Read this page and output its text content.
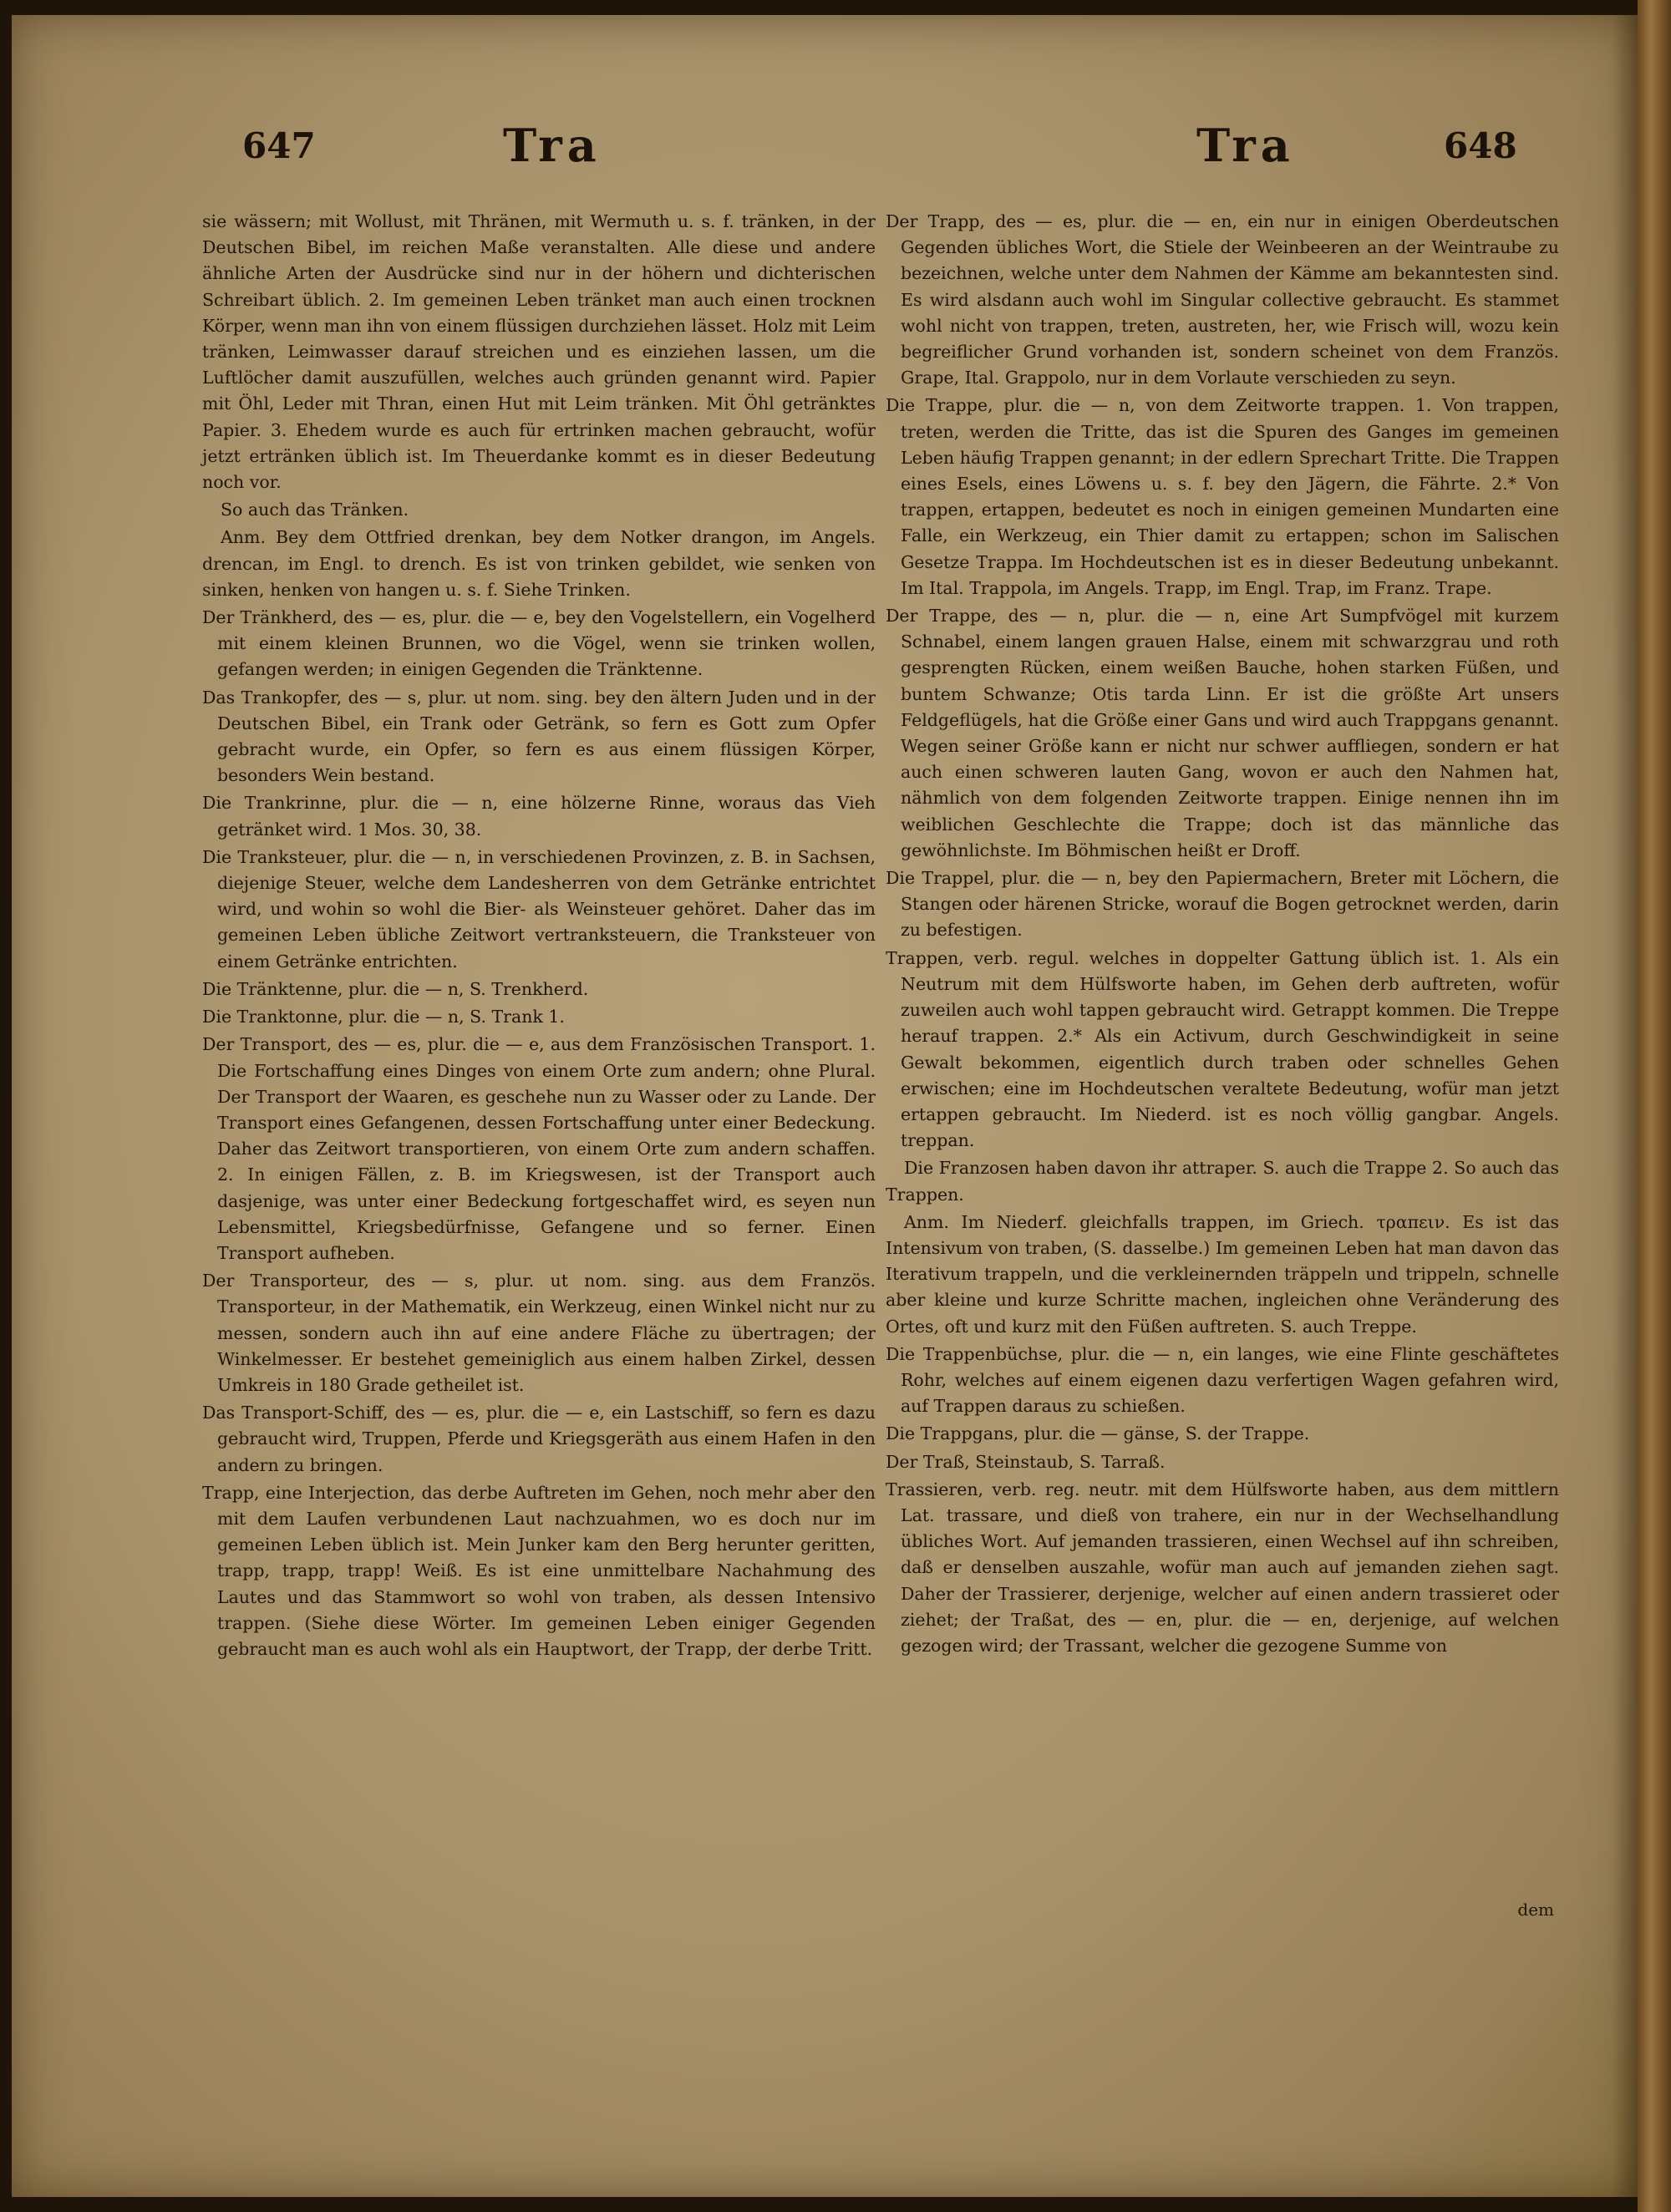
647	Tra	Tra	648

sie wässern; mit Wollust, mit Thränen, mit Wermuth u. s. f. tränken, in der Deutschen Bibel, im reichen Maße veranstalten. Alle diese und andere ähnliche Arten der Ausdrücke sind nur in der höhern und dichterischen Schreibart üblich. 2. Im gemeinen Leben tränket man auch einen trocknen Körper, wenn man ihn von einem flüssigen durchziehen lässet. Holz mit Leim tränken, Leimwasser darauf streichen und es einziehen lassen, um die Luftlöcher damit auszufüllen, welches auch gründen genannt wird. Papier mit Öhl, Leder mit Thran, einen Hut mit Leim tränken. Mit Öhl getränktes Papier. 3. Ehedem wurde es auch für ertrinken machen gebraucht, wofür jetzt ertränken üblich ist. Im Theuerdanke kommt es in dieser Bedeutung noch vor.

So auch das Tränken.

Anm. Bey dem Ottfried drenkan, bey dem Notker drangon, im Angels. drencan, im Engl. to drench. Es ist von trinken gebildet, wie senken von sinken, henken von hangen u. s. f. Siehe Trinken.

Der Tränkherd, des — es, plur. die — e, bey den Vogelstellern, ein Vogelherd mit einem kleinen Brunnen, wo die Vögel, wenn sie trinken wollen, gefangen werden; in einigen Gegenden die Tränktenne.

Das Trankopfer, des — s, plur. ut nom. sing. bey den ältern Juden und in der Deutschen Bibel, ein Trank oder Getränk, so fern es Gott zum Opfer gebracht wurde, ein Opfer, so fern es aus einem flüssigen Körper, besonders Wein bestand.

Die Trankrinne, plur. die — n, eine hölzerne Rinne, woraus das Vieh getränket wird. 1 Mos. 30, 38.

Die Tranksteuer, plur. die — n, in verschiedenen Provinzen, z. B. in Sachsen, diejenige Steuer, welche dem Landesherren von dem Getränke entrichtet wird, und wohin so wohl die Bier- als Weinsteuer gehöret. Daher das im gemeinen Leben übliche Zeitwort vertranksteuern, die Tranksteuer von einem Getränke entrichten.

Die Tränktenne, plur. die — n, S. Trenkherd.

Die Tranktonne, plur. die — n, S. Trank 1.

Der Transport, des — es, plur. die — e, aus dem Französischen Transport. 1. Die Fortschaffung eines Dinges von einem Orte zum andern; ohne Plural. Der Transport der Waaren, es geschehe nun zu Wasser oder zu Lande. Der Transport eines Gefangenen, dessen Fortschaffung unter einer Bedeckung. Daher das Zeitwort transportieren, von einem Orte zum andern schaffen. 2. In einigen Fällen, z. B. im Kriegswesen, ist der Transport auch dasjenige, was unter einer Bedeckung fortgeschaffet wird, es seyen nun Lebensmittel, Kriegsbedürfnisse, Gefangene und so ferner. Einen Transport aufheben.

Der Transporteur, des — s, plur. ut nom. sing. aus dem Französ. Transporteur, in der Mathematik, ein Werkzeug, einen Winkel nicht nur zu messen, sondern auch ihn auf eine andere Fläche zu übertragen; der Winkelmesser. Er bestehet gemeiniglich aus einem halben Zirkel, dessen Umkreis in 180 Grade getheilet ist.

Das Transport-Schiff, des — es, plur. die — e, ein Lastschiff, so fern es dazu gebraucht wird, Truppen, Pferde und Kriegsgeräth aus einem Hafen in den andern zu bringen.

Trapp, eine Interjection, das derbe Auftreten im Gehen, noch mehr aber den mit dem Laufen verbundenen Laut nachzuahmen, wo es doch nur im gemeinen Leben üblich ist. Mein Junker kam den Berg herunter geritten, trapp, trapp, trapp! Weiß. Es ist eine unmittelbare Nachahmung des Lautes und das Stammwort so wohl von traben, als dessen Intensivo trappen. (Siehe diese Wörter. Im gemeinen Leben einiger Gegenden gebraucht man es auch wohl als ein Hauptwort, der Trapp, der derbe Tritt.

Der Trapp, des — es, plur. die — en, ein nur in einigen Oberdeutschen Gegenden übliches Wort, die Stiele der Weinbeeren an der Weintraube zu bezeichnen, welche unter dem Nahmen der Kämme am bekanntesten sind. Es wird alsdann auch wohl im Singular collective gebraucht. Es stammet wohl nicht von trappen, treten, austreten, her, wie Frisch will, wozu kein begreiflicher Grund vorhanden ist, sondern scheinet von dem Französ. Grape, Ital. Grappolo, nur in dem Vorlaute verschieden zu seyn.

Die Trappe, plur. die — n, von dem Zeitworte trappen. 1. Von trappen, treten, werden die Tritte, das ist die Spuren des Ganges im gemeinen Leben häufig Trappen genannt; in der edlern Sprechart Tritte. Die Trappen eines Esels, eines Löwens u. s. f. bey den Jägern, die Fährte. 2.* Von trappen, ertappen, bedeutet es noch in einigen gemeinen Mundarten eine Falle, ein Werkzeug, ein Thier damit zu ertappen; schon im Salischen Gesetze Trappa. Im Hochdeutschen ist es in dieser Bedeutung unbekannt. Im Ital. Trappola, im Angels. Trapp, im Engl. Trap, im Franz. Trape.

Der Trappe, des — n, plur. die — n, eine Art Sumpfvögel mit kurzem Schnabel, einem langen grauen Halse, einem mit schwarzgrau und roth gesprengten Rücken, einem weißen Bauche, hohen starken Füßen, und buntem Schwanze; Otis tarda Linn. Er ist die größte Art unsers Feldgeflügels, hat die Größe einer Gans und wird auch Trappgans genannt. Wegen seiner Größe kann er nicht nur schwer auffliegen, sondern er hat auch einen schweren lauten Gang, wovon er auch den Nahmen hat, nähmlich von dem folgenden Zeitworte trappen. Einige nennen ihn im weiblichen Geschlechte die Trappe; doch ist das männliche das gewöhnlichste. Im Böhmischen heißt er Droff.

Die Trappel, plur. die — n, bey den Papiermachern, Breter mit Löchern, die Stangen oder härenen Stricke, worauf die Bogen getrocknet werden, darin zu befestigen.

Trappen, verb. regul. welches in doppelter Gattung üblich ist. 1. Als ein Neutrum mit dem Hülfsworte haben, im Gehen derb auftreten, wofür zuweilen auch wohl tappen gebraucht wird. Getrappt kommen. Die Treppe herauf trappen. 2.* Als ein Activum, durch Geschwindigkeit in seine Gewalt bekommen, eigentlich durch traben oder schnelles Gehen erwischen; eine im Hochdeutschen veraltete Bedeutung, wofür man jetzt ertappen gebraucht. Im Niederd. ist es noch völlig gangbar. Angels. treppan.

Die Franzosen haben davon ihr attraper. S. auch die Trappe 2. So auch das Trappen.

Anm. Im Niederf. gleichfalls trappen, im Griech. τραπειν. Es ist das Intensivum von traben, (S. dasselbe.) Im gemeinen Leben hat man davon das Iterativum trappeln, und die verkleinernden träppeln und trippeln, schnelle aber kleine und kurze Schritte machen, ingleichen ohne Veränderung des Ortes, oft und kurz mit den Füßen auftreten. S. auch Treppe.

Die Trappenbüchse, plur. die — n, ein langes, wie eine Flinte geschäftetes Rohr, welches auf einem eigenen dazu verfertigen Wagen gefahren wird, auf Trappen daraus zu schießen.

Die Trappgans, plur. die — gänse, S. der Trappe.

Der Traß, Steinstaub, S. Tarraß.

Trassieren, verb. reg. neutr. mit dem Hülfsworte haben, aus dem mittlern Lat. trassare, und dieß von trahere, ein nur in der Wechselhandlung übliches Wort. Auf jemanden trassieren, einen Wechsel auf ihn schreiben, daß er denselben auszahle, wofür man auch auf jemanden ziehen sagt. Daher der Trassierer, derjenige, welcher auf einen andern trassieret oder ziehet; der Traßat, des — en, plur. die — en, derjenige, auf welchen gezogen wird; der Trassant, welcher die gezogene Summe von

dem
